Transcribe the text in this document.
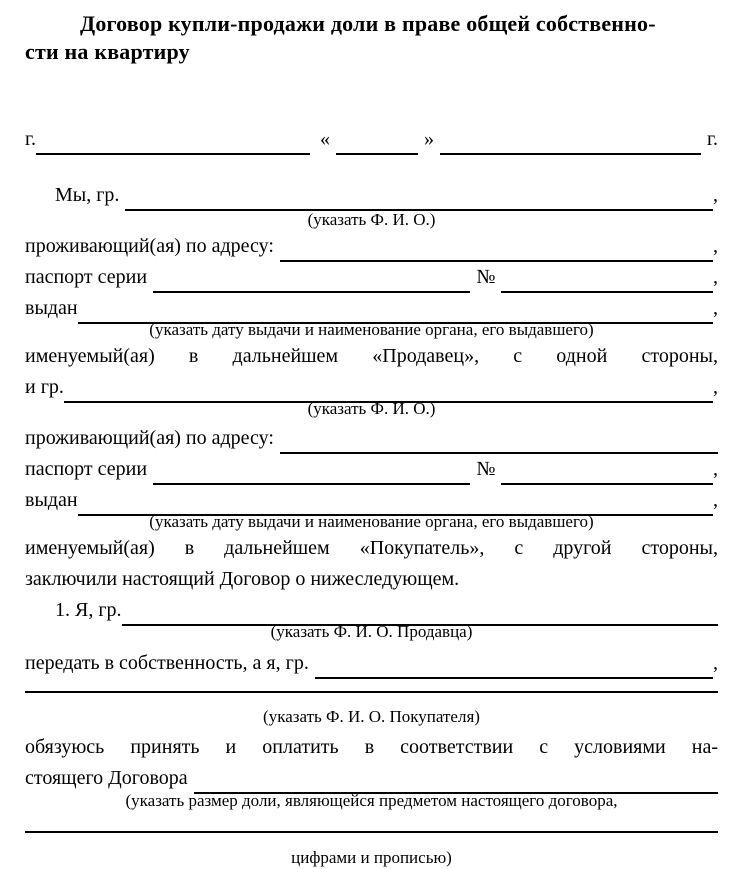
Договор купли-продажи доли в праве общей собственно-
сти на квартиру
г.	«	»	г.
Мы, гр.	,
(указать Ф. И. О.)
проживающий(ая) по адресу:	,
паспорт серии	№	,
выдан	,
(указать дату выдачи и наименование органа, его выдавшего)
именуемый(ая) в дальнейшем «Продавец», с одной стороны,
и гр.	,
(указать Ф. И. О.)
проживающий(ая) по адресу:
паспорт серии	№	,
выдан	,
(указать дату выдачи и наименование органа, его выдавшего)
именуемый(ая) в дальнейшем «Покупатель», с другой стороны,
заключили настоящий Договор о нижеследующем.
1. Я, гр.
(указать Ф. И. О. Продавца)
передать в собственность, а я, гр.	,
(указать Ф. И. О. Покупателя)
обязуюсь принять и оплатить в соответствии с условиями на-
стоящего Договора
(указать размер доли, являющейся предметом настоящего договора,
цифрами и прописью)
